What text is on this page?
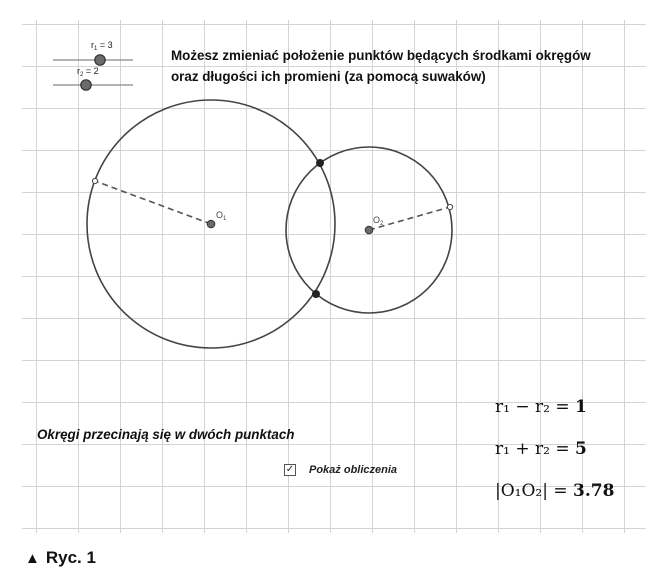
$r_1 = 3$
$r_2 = 2$
$O_1$	$O_2$
Możesz zmieniać położenie punktów będących środkami okręgów
oraz długości ich promieni (za pomocą suwaków)
Okręgi przecinają się w dwóch punktach
✓ Pokaż obliczenia
r₁ − r₂ = 1
r₁ + r₂ = 5
|O₁O₂| = 3.78
▲ Ryc. 1
